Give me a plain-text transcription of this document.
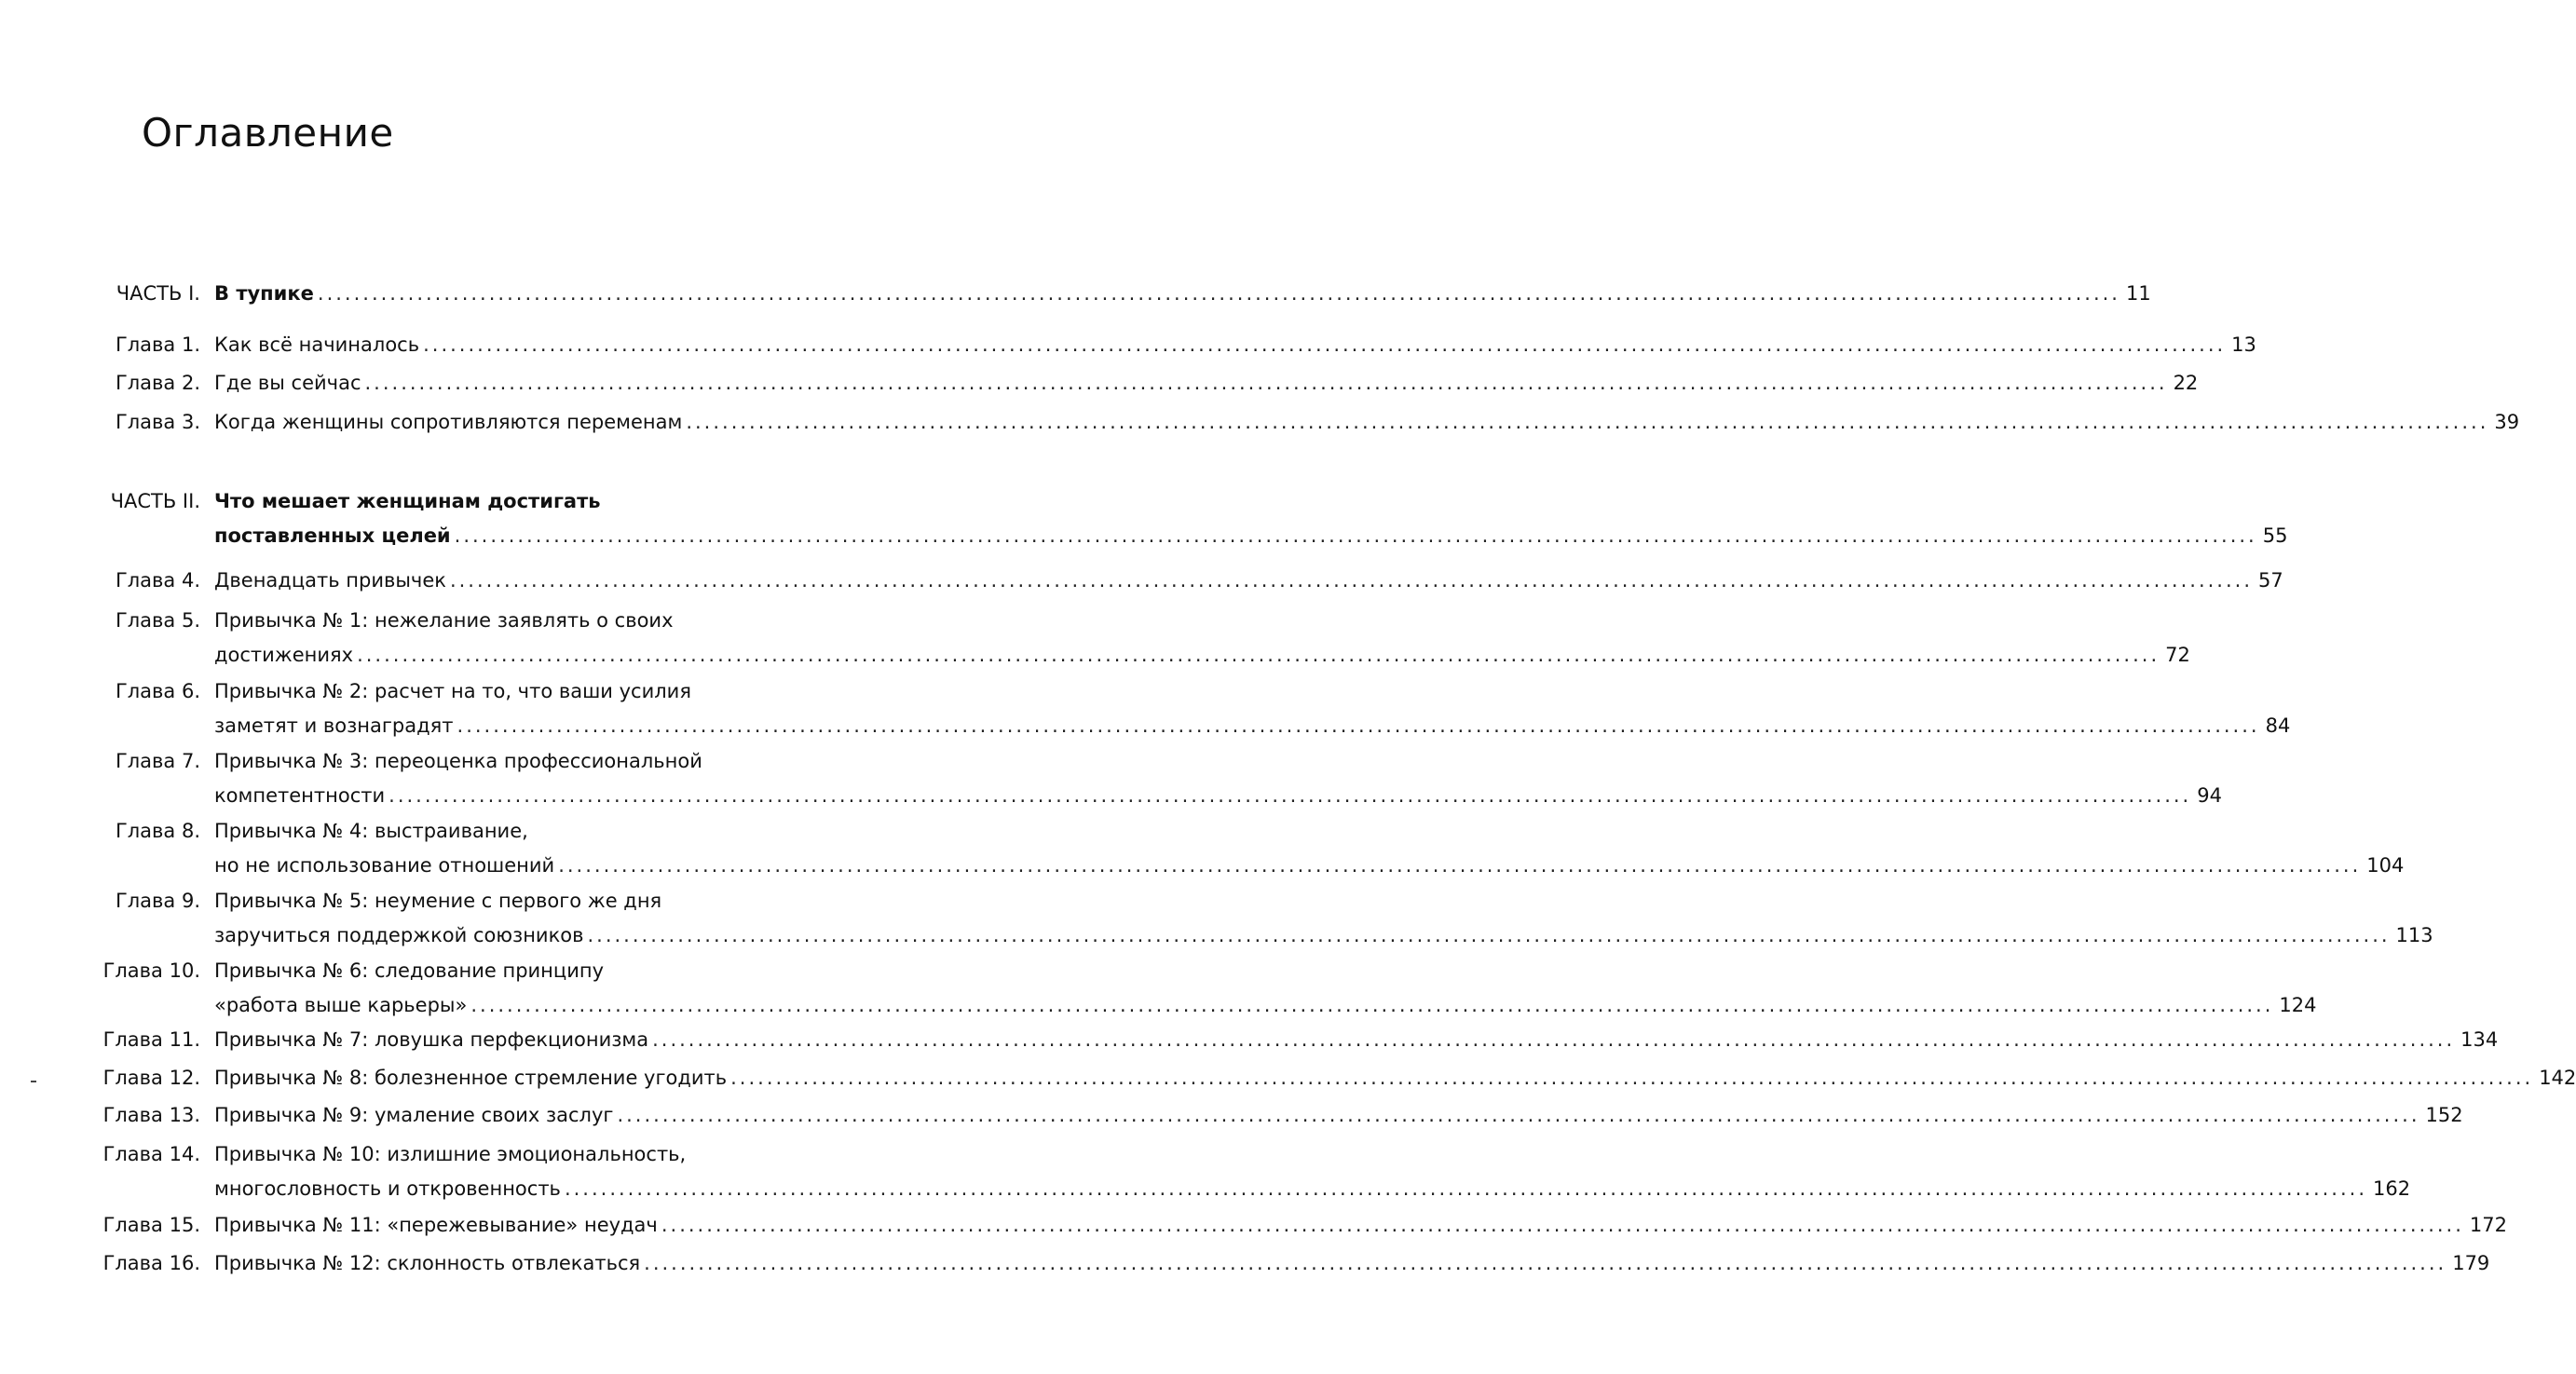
Оглавление
ЧАСТЬ I. В тупике ........................................................................................................................................................................................................ 11
Глава 1. Как всё начиналось ........................................................................................................................................................................................................ 13
Глава 2. Где вы сейчас ........................................................................................................................................................................................................ 22
Глава 3. Когда женщины сопротивляются переменам ........................................................................................................................................................................................................ 39
ЧАСТЬ II. Что мешает женщинам достигать
поставленных целей ........................................................................................................................................................................................................ 55
Глава 4. Двенадцать привычек ........................................................................................................................................................................................................ 57
Глава 5. Привычка № 1: нежелание заявлять о своих
достижениях ........................................................................................................................................................................................................ 72
Глава 6. Привычка № 2: расчет на то, что ваши усилия
заметят и вознаградят ........................................................................................................................................................................................................ 84
Глава 7. Привычка № 3: переоценка профессиональной
компетентности ........................................................................................................................................................................................................ 94
Глава 8. Привычка № 4: выстраивание,
но не использование отношений ........................................................................................................................................................................................................ 104
Глава 9. Привычка № 5: неумение с первого же дня
заручиться поддержкой союзников ........................................................................................................................................................................................................ 113
Глава 10. Привычка № 6: следование принципу
«работа выше карьеры» ........................................................................................................................................................................................................ 124
Глава 11. Привычка № 7: ловушка перфекционизма ........................................................................................................................................................................................................ 134
Глава 12. Привычка № 8: болезненное стремление угодить ........................................................................................................................................................................................................ 142
Глава 13. Привычка № 9: умаление своих заслуг ........................................................................................................................................................................................................ 152
Глава 14. Привычка № 10: излишние эмоциональность,
многословность и откровенность ........................................................................................................................................................................................................ 162
Глава 15. Привычка № 11: «пережевывание» неудач ........................................................................................................................................................................................................ 172
Глава 16. Привычка № 12: склонность отвлекаться ........................................................................................................................................................................................................ 179
